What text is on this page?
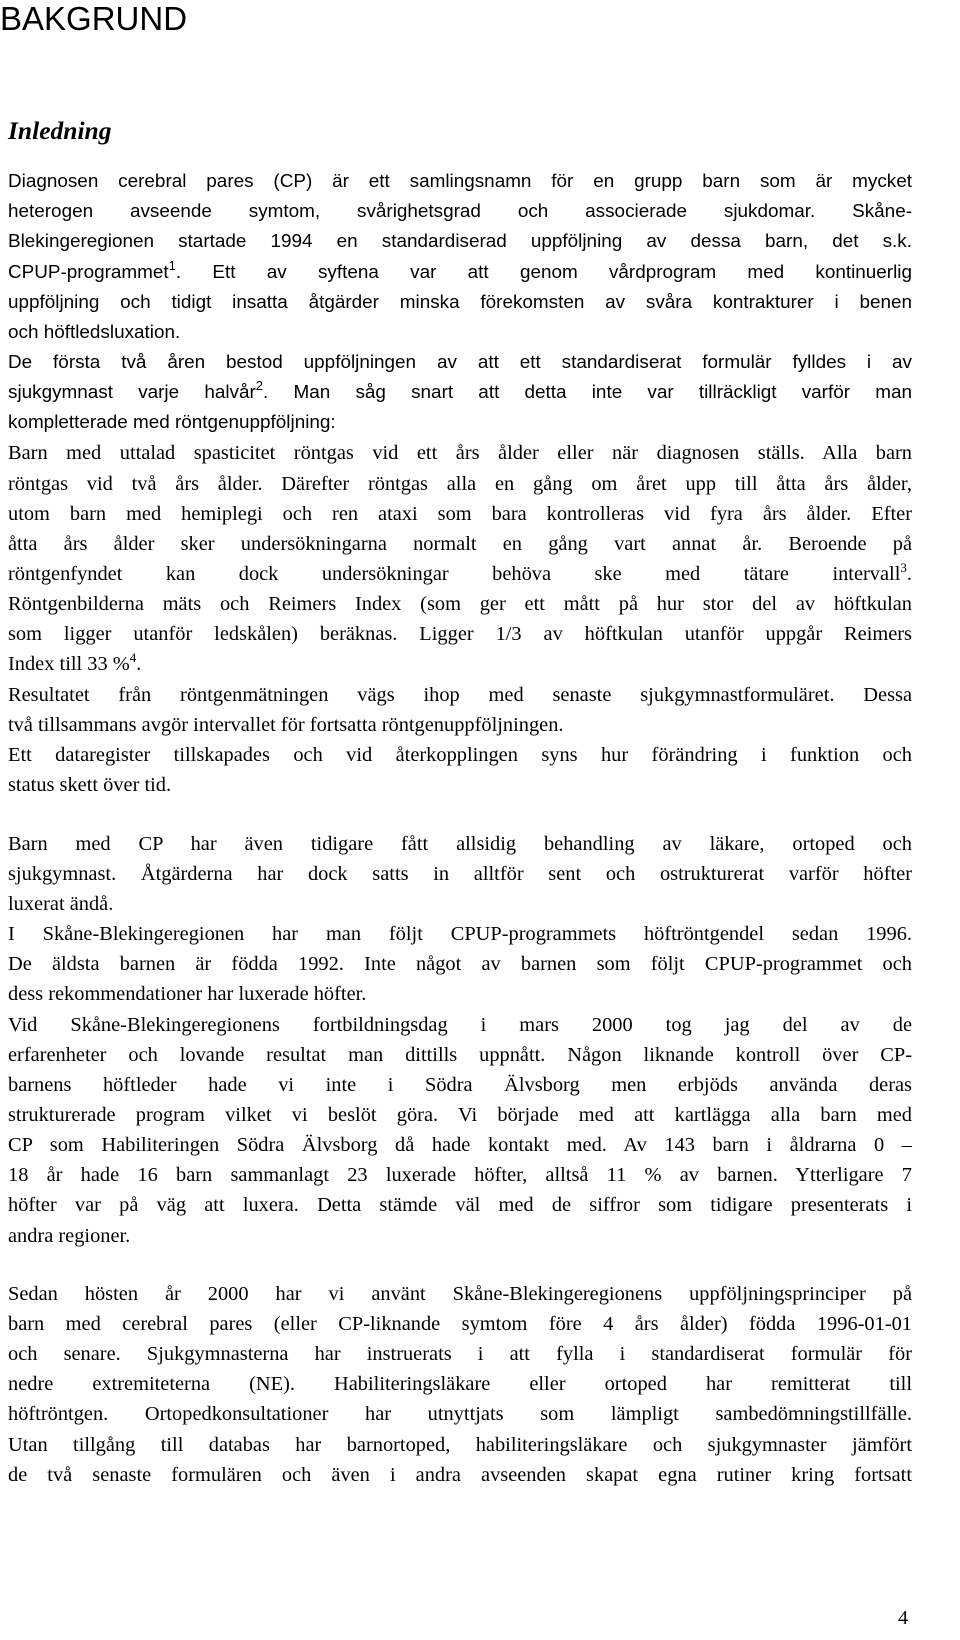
BAKGRUND
Inledning
Diagnosen cerebral pares (CP) är ett samlingsnamn för en grupp barn som är mycket
heterogen avseende symtom, svårighetsgrad och associerade sjukdomar. Skåne-
Blekingeregionen startade 1994 en standardiserad uppföljning av dessa barn, det s.k.
CPUP-programmet$^1$. Ett av syftena var att genom vårdprogram med kontinuerlig
uppföljning och tidigt insatta åtgärder minska förekomsten av svåra kontrakturer i benen
och höftledsluxation.
De första två åren bestod uppföljningen av att ett standardiserat formulär fylldes i av
sjukgymnast varje halvår$^2$. Man såg snart att detta inte var tillräckligt varför man
kompletterade med röntgenuppföljning:
Barn med uttalad spasticitet röntgas vid ett års ålder eller när diagnosen ställs. Alla barn
röntgas vid två års ålder. Därefter röntgas alla en gång om året upp till åtta års ålder,
utom barn med hemiplegi och ren ataxi som bara kontrolleras vid fyra års ålder. Efter
åtta års ålder sker undersökningarna normalt en gång vart annat år. Beroende på
röntgenfyndet kan dock undersökningar behöva ske med tätare intervall$^3$.
Röntgenbilderna mäts och Reimers Index (som ger ett mått på hur stor del av höftkulan
som ligger utanför ledskålen) beräknas. Ligger 1/3 av höftkulan utanför uppgår Reimers
Index till 33 %$^4$.
Resultatet från röntgenmätningen vägs ihop med senaste sjukgymnastformuläret. Dessa
två tillsammans avgör intervallet för fortsatta röntgenuppföljningen.
Ett dataregister tillskapades och vid återkopplingen syns hur förändring i funktion och
status skett över tid.
Barn med CP har även tidigare fått allsidig behandling av läkare, ortoped och
sjukgymnast. Åtgärderna har dock satts in alltför sent och ostrukturerat varför höfter
luxerat ändå.
I Skåne-Blekingeregionen har man följt CPUP-programmets höftröntgendel sedan 1996.
De äldsta barnen är födda 1992. Inte något av barnen som följt CPUP-programmet och
dess rekommendationer har luxerade höfter.
Vid Skåne-Blekingeregionens fortbildningsdag i mars 2000 tog jag del av de
erfarenheter och lovande resultat man dittills uppnått. Någon liknande kontroll över CP-
barnens höftleder hade vi inte i Södra Älvsborg men erbjöds använda deras
strukturerade program vilket vi beslöt göra. Vi började med att kartlägga alla barn med
CP som Habiliteringen Södra Älvsborg då hade kontakt med. Av 143 barn i åldrarna 0 –
18 år hade 16 barn sammanlagt 23 luxerade höfter, alltså 11 % av barnen. Ytterligare 7
höfter var på väg att luxera. Detta stämde väl med de siffror som tidigare presenterats i
andra regioner.
Sedan hösten år 2000 har vi använt Skåne-Blekingeregionens uppföljningsprinciper på
barn med cerebral pares (eller CP-liknande symtom före 4 års ålder) födda 1996-01-01
och senare. Sjukgymnasterna har instruerats i att fylla i standardiserat formulär för
nedre extremiteterna (NE). Habiliteringsläkare eller ortoped har remitterat till
höftröntgen. Ortopedkonsultationer har utnyttjats som lämpligt sambedömningstillfälle.
Utan tillgång till databas har barnortoped, habiliteringsläkare och sjukgymnaster jämfört
de två senaste formulären och även i andra avseenden skapat egna rutiner kring fortsatt
4
